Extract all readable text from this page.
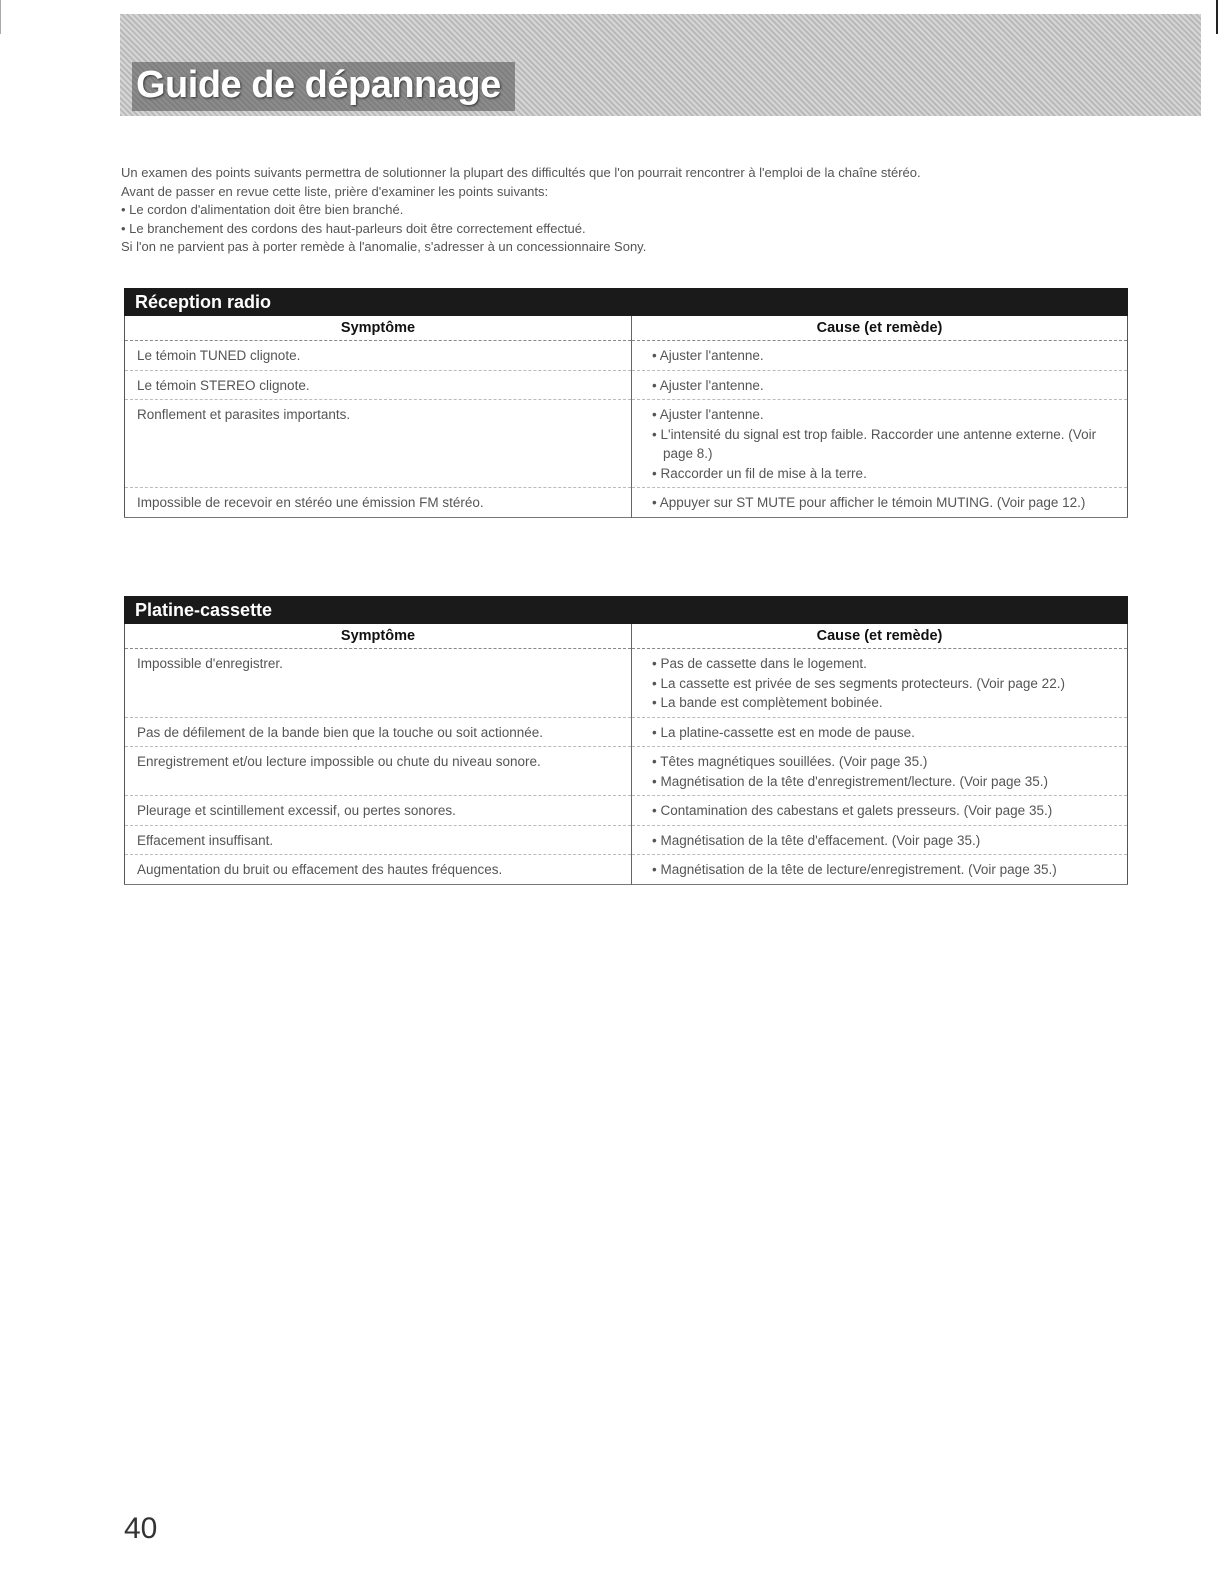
Guide de dépannage

Un examen des points suivants permettra de solutionner la plupart des difficultés que l'on pourrait rencontrer à l'emploi de la chaîne stéréo.

Avant de passer en revue cette liste, prière d'examiner les points suivants:

• Le cordon d'alimentation doit être bien branché.

• Le branchement des cordons des haut-parleurs doit être correctement effectué.

Si l'on ne parvient pas à porter remède à l'anomalie, s'adresser à un concessionnaire Sony.

Réception radio
Symptôme	Cause (et remède)
Le témoin TUNED clignote.	• Ajuster l'antenne.

Le témoin STEREO clignote.	• Ajuster l'antenne.

Ronflement et parasites importants.	• Ajuster l'antenne.
• L'intensité du signal est trop faible. Raccorder une antenne externe. (Voir page 8.)
• Raccorder un fil de mise à la terre.

Impossible de recevoir en stéréo une émission FM stéréo.	• Appuyer sur ST MUTE pour afficher le témoin MUTING. (Voir page 12.)
Platine-cassette
Symptôme	Cause (et remède)
Impossible d'enregistrer.	• Pas de cassette dans le logement.
• La cassette est privée de ses segments protecteurs. (Voir page 22.)
• La bande est complètement bobinée.

Pas de défilement de la bande bien que la touche ou soit actionnée.	• La platine-cassette est en mode de pause.

Enregistrement et/ou lecture impossible ou chute du niveau sonore.	• Têtes magnétiques souillées. (Voir page 35.)
• Magnétisation de la tête d'enregistrement/lecture. (Voir page 35.)

Pleurage et scintillement excessif, ou pertes sonores.	• Contamination des cabestans et galets presseurs. (Voir page 35.)

Effacement insuffisant.	• Magnétisation de la tête d'effacement. (Voir page 35.)

Augmentation du bruit ou effacement des hautes fréquences.	• Magnétisation de la tête de lecture/enregistrement. (Voir page 35.)
40
